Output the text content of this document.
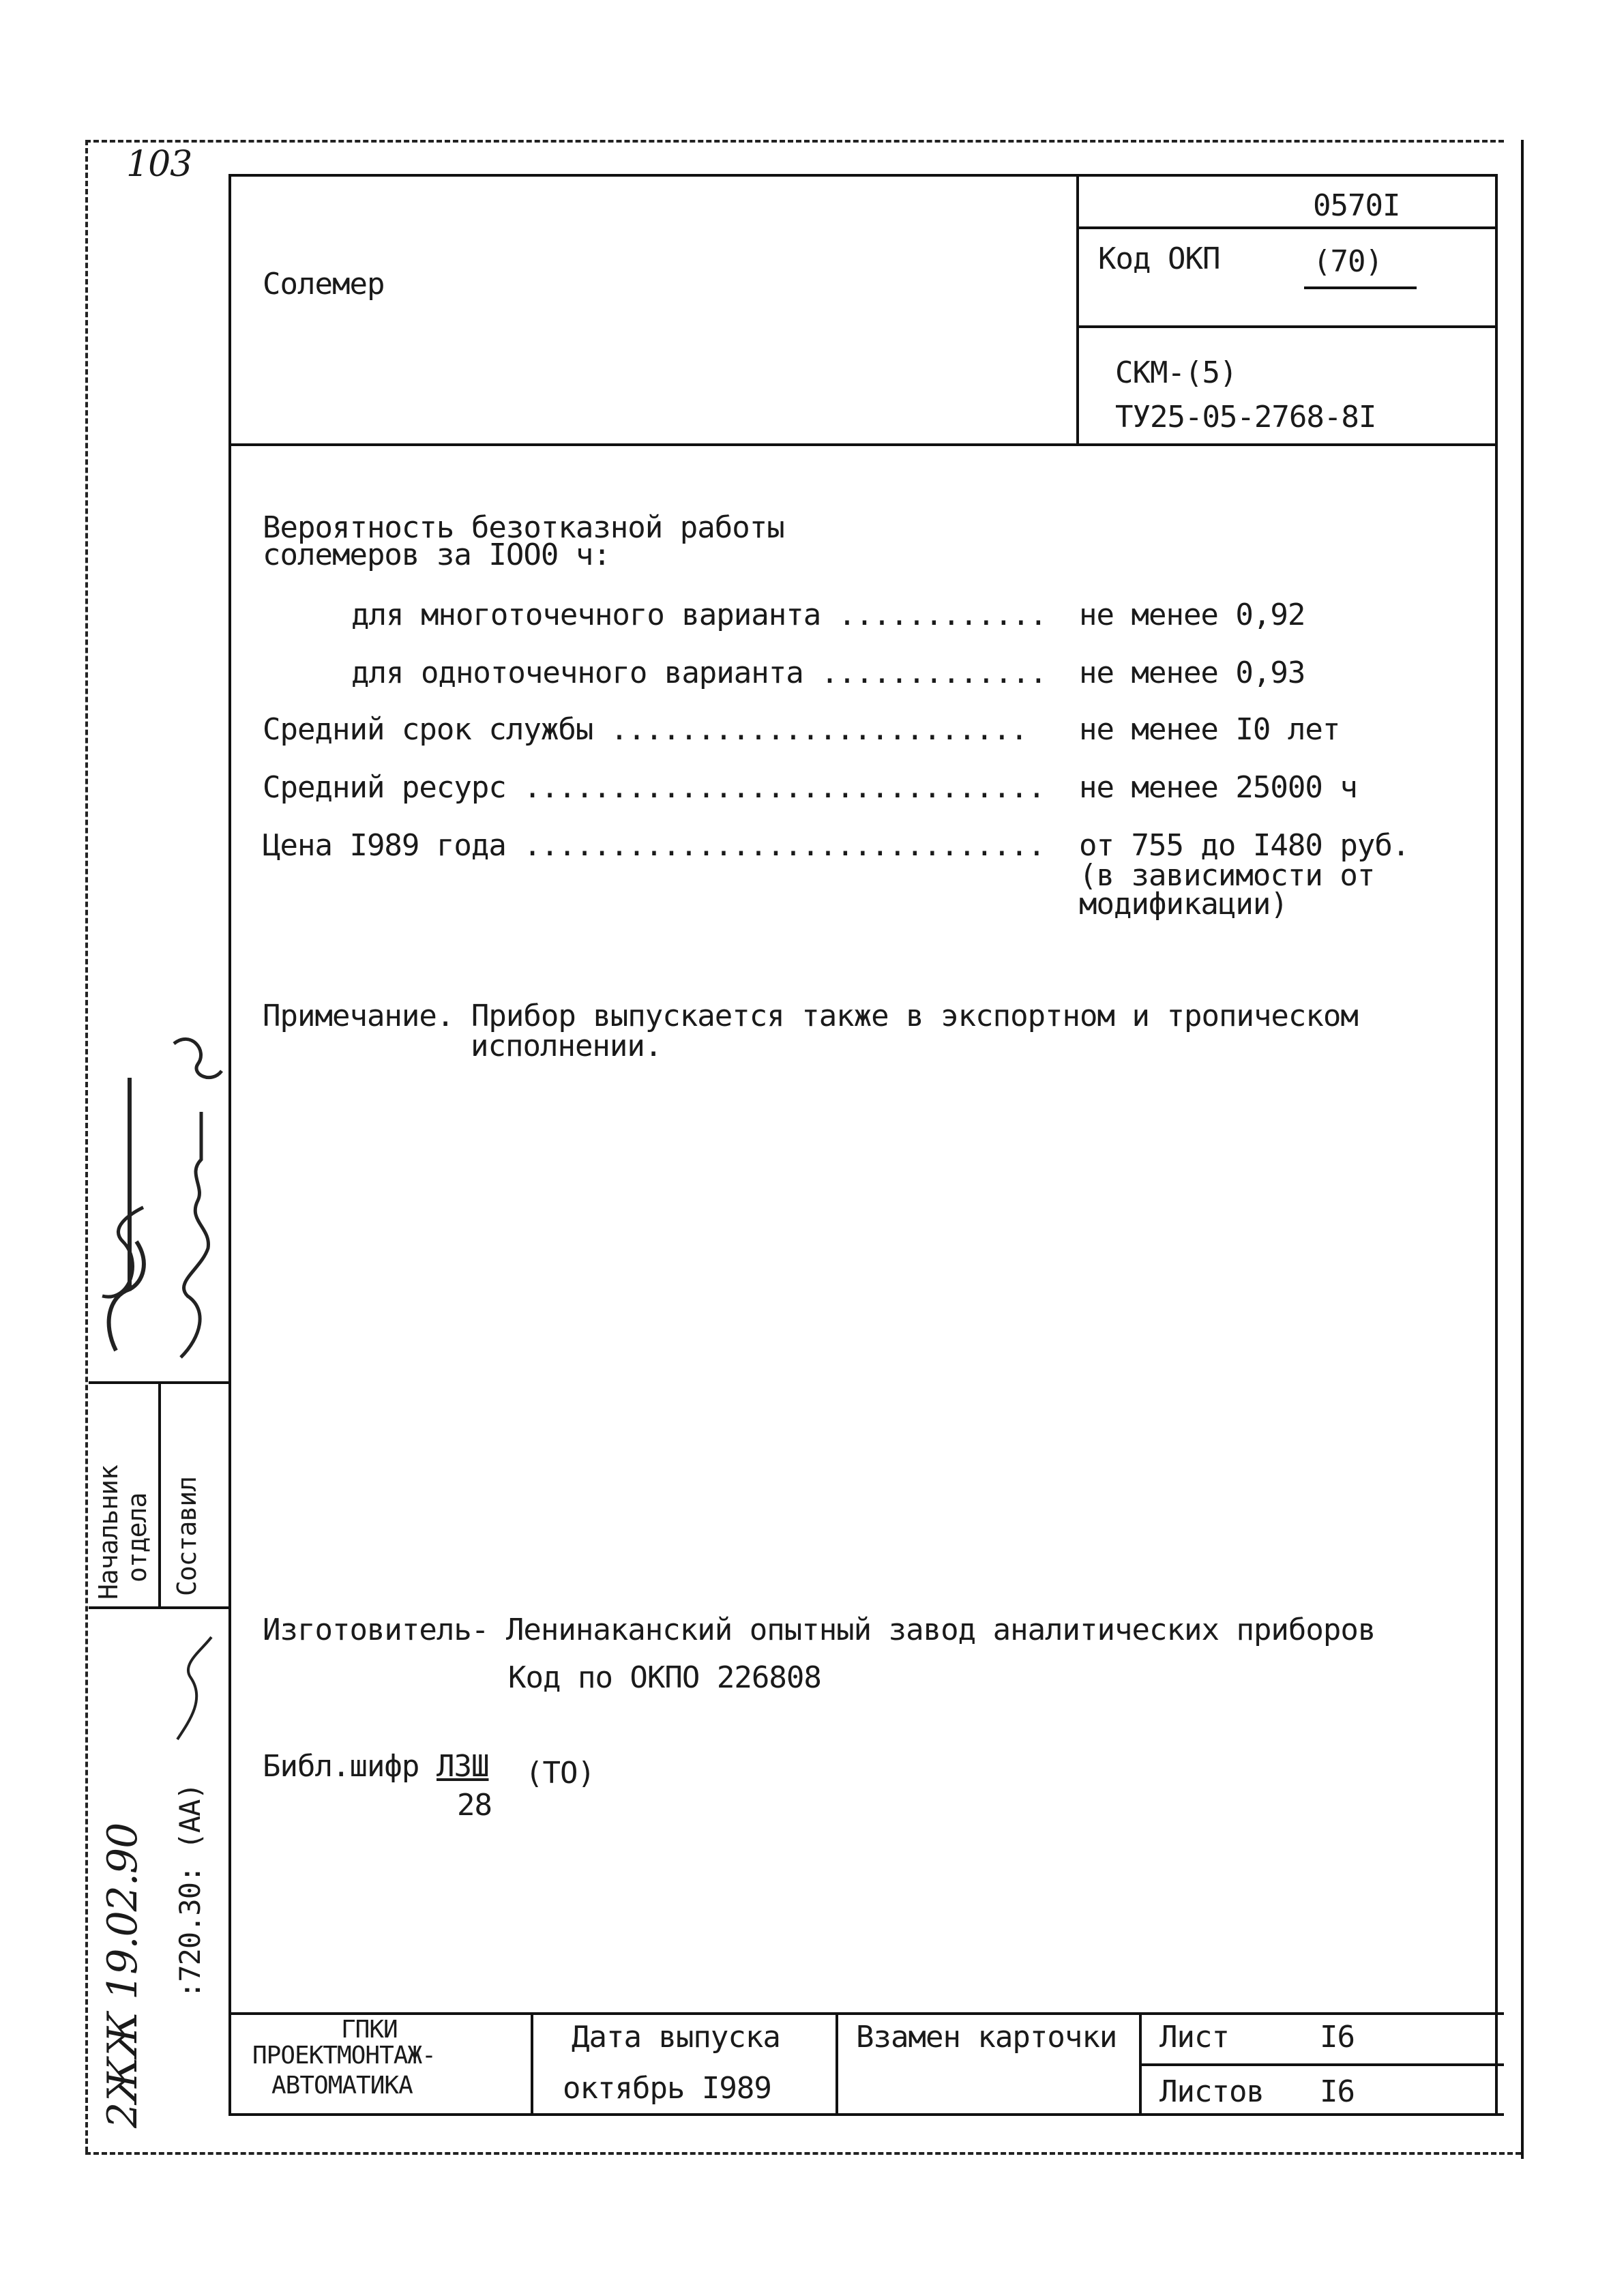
103
Солемер
0570I
Код ОКП	(70)
СКМ-(5)
ТУ25-05-2768-8I
Вероятность безотказной работы
солемеров за IОО0 ч:
для многоточечного варианта ............ не менее 0,92
для одноточечного варианта ............. не менее 0,93
Средний срок службы ........................ не менее I0 лет
Средний ресурс .............................. не менее 25000 ч
Цена I989 года .............................. от 755 до I480 руб.
(в зависимости от
модификации)
Примечание. Прибор выпускается также в экспортном и тропическом
исполнении.
Изготовитель- Ленинаканский опытный завод аналитических приборов
Код по ОКПО 226808
Библ.шифр ЛЗШ (ТО)
28
ГПКИ
ПРОЕКТМОНТАЖ-
АВТОМАТИКА
Дата выпуска
октябрь I989
Взамен карточки Лист	I6
Листов I6
Начальник
отдела Составил
:720.30: (АА)
2ЖЖ 19.02.90
